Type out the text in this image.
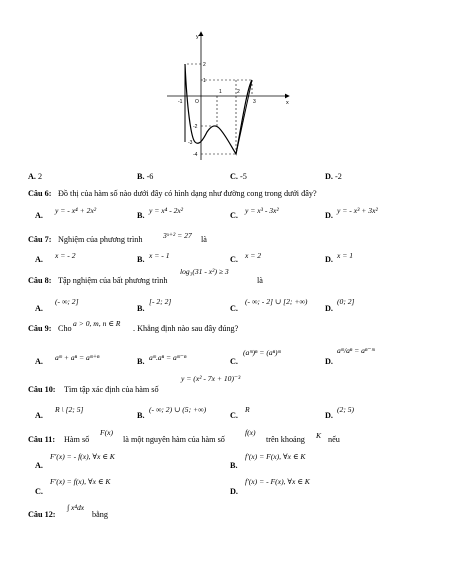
y
x
2
1
-2
-3
-4
-1	O
1	2
3
A. 2	B. -6	C. -5	D. -2
Câu 6: Đồ thị của hàm số nào dưới đây có hình dạng như đường cong trong dưới đây?
A.
y = - x⁴ + 2x²
B.
y = x⁴ - 2x²
C.
y = x³ - 3x²
D.
y = - x³ + 3x²
Câu 7: Nghiệm của phương trình	3ˣ⁺² = 27 là
A. x = - 2	B. x = - 1	C. x = 2	D. x = 1
Câu 8: Tập nghiệm của bất phương trình
log₃(31 - x²) ≥ 3
là
A.
(- ∞; 2]
B.
[- 2; 2]
C.
(- ∞; - 2] ∪ [2; +∞)
D.
(0; 2]
Câu 9: Cho
a > 0, m, n ∈ R
. Khẳng định nào sau đây đúng?
A. aᵐ + aⁿ = aᵐ⁺ⁿ	B. aᵐ.aⁿ = aᵐ⁻ⁿ	C.
(aᵐ)ⁿ = (aⁿ)ᵐ
D.
aᵐ/aⁿ = aⁿ⁻ᵐ
Câu 10: Tìm tập xác định của hàm số
y = (x² - 7x + 10)⁻³
A.
R \ [2; 5]
B.
(- ∞; 2) ∪ (5; +∞)
C.
R
D.
(2; 5)
Câu 11: Hàm số
F(x)
là một nguyên hàm của hàm số
f(x)
trên khoảng K nếu
A.
F′(x) = - f(x), ∀x ∈ K
B.
f′(x) = F(x), ∀x ∈ K
C.
F′(x) = f(x), ∀x ∈ K
D.
f′(x) = - F(x), ∀x ∈ K
Câu 12:
∫ x⁴dx
bằng
